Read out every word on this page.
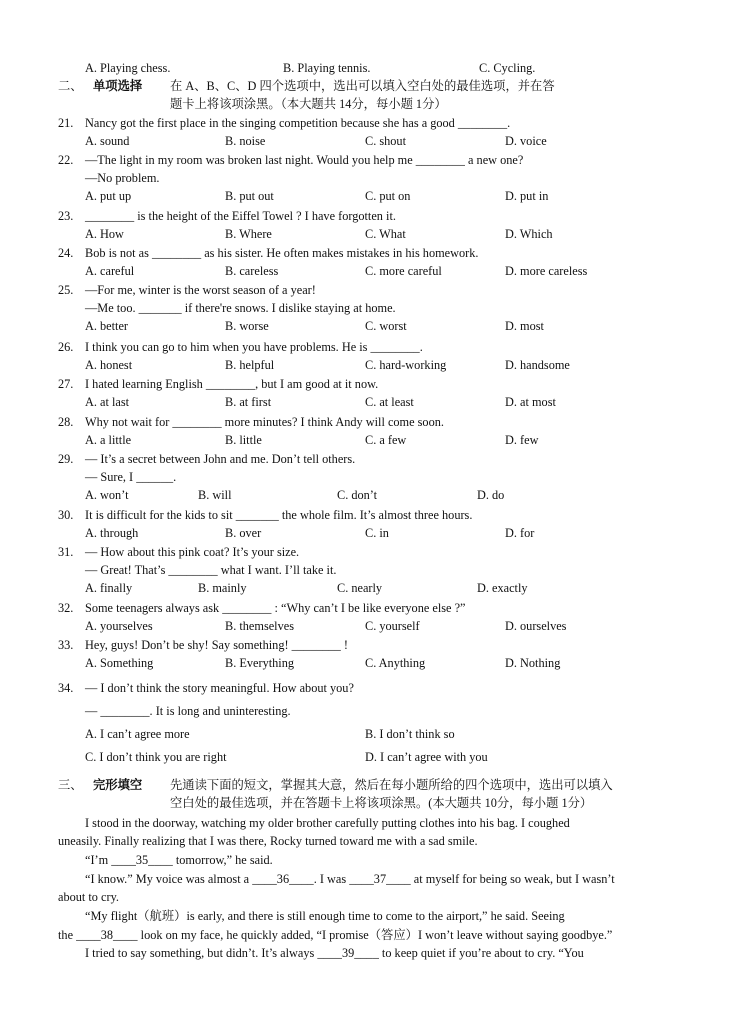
A. Playing chess.	B. Playing tennis.	C. Cycling.
二、 单项选择 在 A、B、C、D 四个选项中，选出可以填入空白处的最佳选项，并在答
题卡上将该项涂黑。（本大题共 14分，每小题 1分）
21. Nancy got the first place in the singing competition because she has a good ________.
A. sound	B. noise	C. shout	D. voice
22. —The light in my room was broken last night. Would you help me ________ a new one?
—No problem.
A. put up	B. put out	C. put on	D. put in
23. ________ is the height of the Eiffel Towel ? I have forgotten it.
A. How	B. Where	C. What	D. Which
24. Bob is not as ________ as his sister. He often makes mistakes in his homework.
A. careful	B. careless	C. more careful	D. more careless
25. —For me, winter is the worst season of a year!
—Me too. _______ if there're snows. I dislike staying at home.
A. better	B. worse	C. worst	D. most
26. I think you can go to him when you have problems. He is ________.
A. honest	B. helpful	C. hard-working	D. handsome
27. I hated learning English ________, but I am good at it now.
A. at last	B. at first	C. at least	D. at most
28. Why not wait for ________ more minutes? I think Andy will come soon.
A. a little	B. little	C. a few	D. few
29. — It’s a secret between John and me. Don’t tell others.
— Sure, I ______.
A. won’t	B. will	C. don’t	D. do
30. It is difficult for the kids to sit _______ the whole film. It’s almost three hours.
A. through	B. over	C. in	D. for
31. — How about this pink coat? It’s your size.
— Great! That’s ________ what I want. I’ll take it.
A. finally	B. mainly	C. nearly	D. exactly
32. Some teenagers always ask ________ : “Why can’t I be like everyone else ?”
A. yourselves	B. themselves	C. yourself	D. ourselves
33. Hey, guys! Don’t be shy! Say something! ________ !
A. Something	B. Everything	C. Anything	D. Nothing
34. — I don’t think the story meaningful. How about you?
— ________. It is long and uninteresting.
A. I can’t agree more	B. I don’t think so
C. I don’t think you are right	D. I can’t agree with you
三、 完形填空 先通读下面的短文，掌握其大意，然后在每小题所给的四个选项中，选出可以填入
空白处的最佳选项，并在答题卡上将该项涂黑。(本大题共 10分，每小题 1分）
I stood in the doorway, watching my older brother carefully putting clothes into his bag. I coughed
uneasily. Finally realizing that I was there, Rocky turned toward me with a sad smile.
“I’m ____35____ tomorrow,” he said.
“I know.” My voice was almost a ____36____. I was ____37____ at myself for being so weak, but I wasn’t
about to cry.
“My flight（航班）is early, and there is still enough time to come to the airport,” he said. Seeing
the ____38____ look on my face, he quickly added, “I promise（答应）I won’t leave without saying goodbye.”
I tried to say something, but didn’t. It’s always ____39____ to keep quiet if you’re about to cry. “You
